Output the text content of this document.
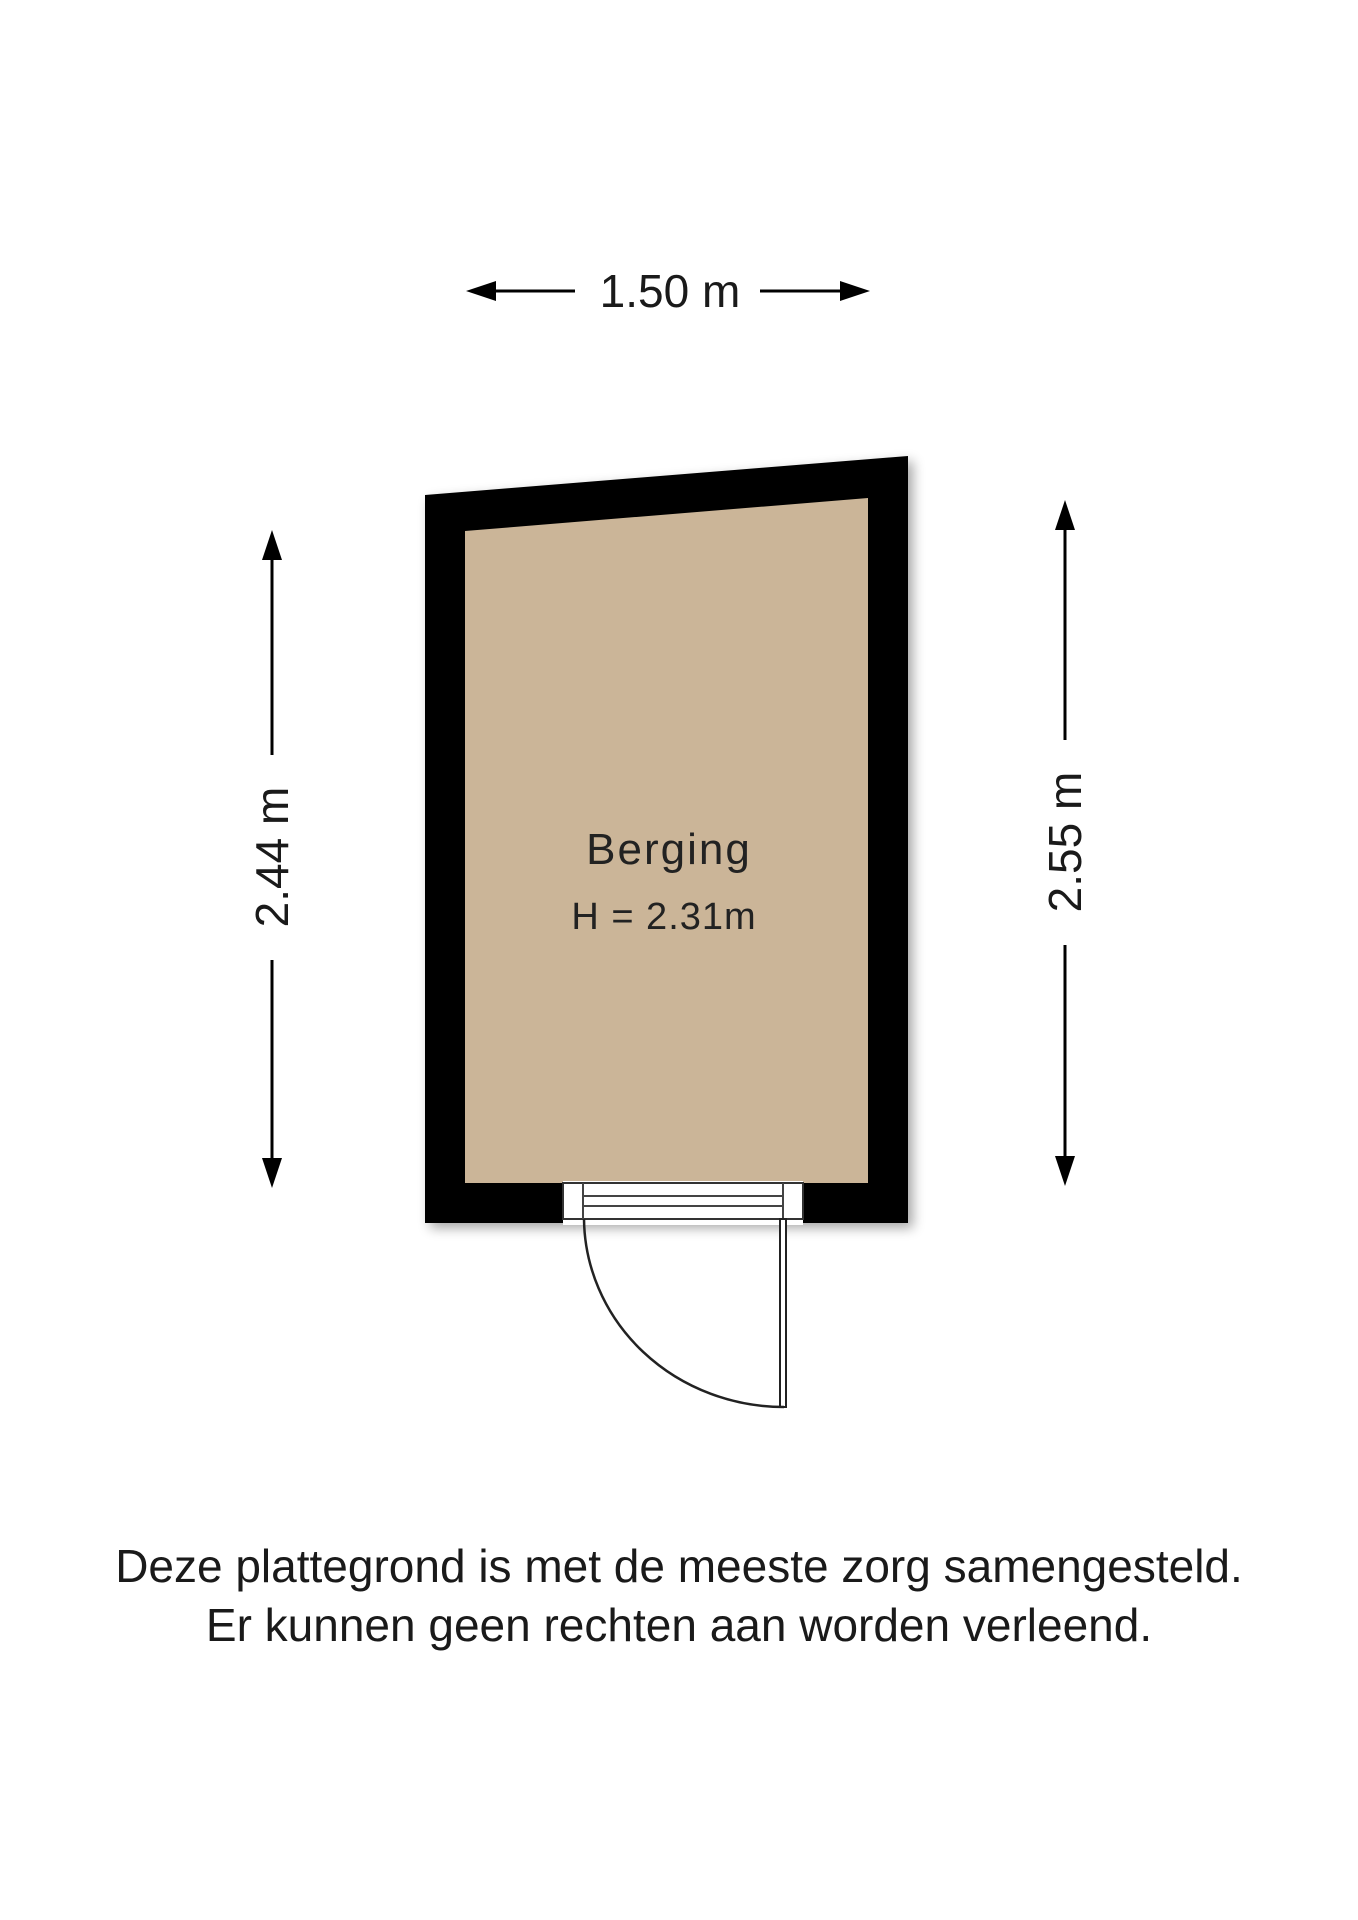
1.50 m
2.44 m	2.55 m
Berging
H = 2.31m
Deze plattegrond is met de meeste zorg samengesteld.
Er kunnen geen rechten aan worden verleend.
